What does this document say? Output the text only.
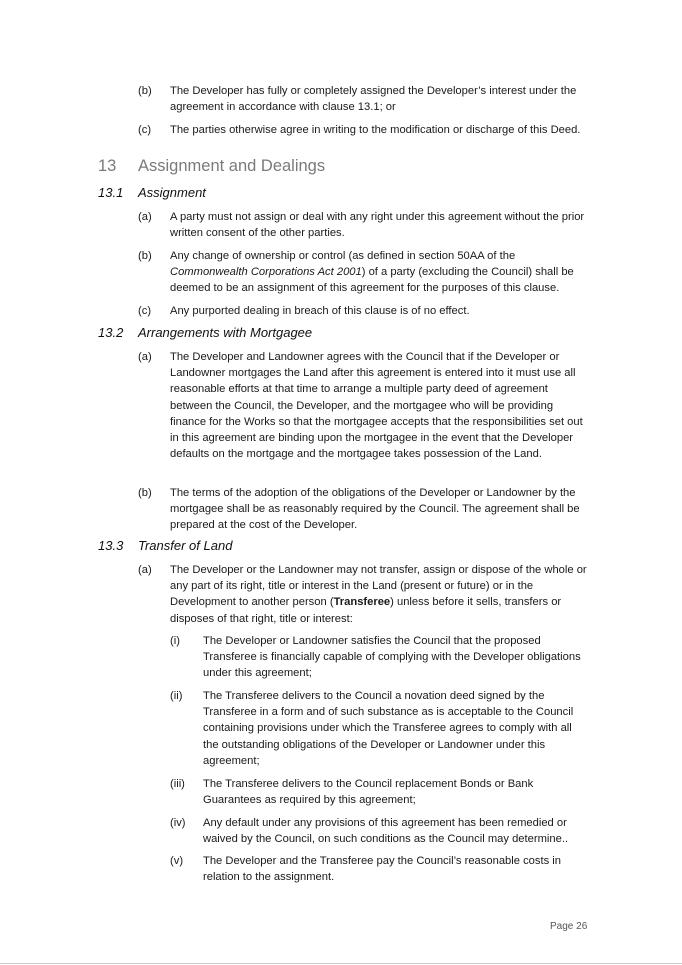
(b) The Developer has fully or completely assigned the Developer’s interest under the agreement in accordance with clause 13.1; or
(c) The parties otherwise agree in writing to the modification or discharge of this Deed.
13 Assignment and Dealings
13.1 Assignment
(a) A party must not assign or deal with any right under this agreement without the prior written consent of the other parties.
(b) Any change of ownership or control (as defined in section 50AA of the Commonwealth Corporations Act 2001) of a party (excluding the Council) shall be deemed to be an assignment of this agreement for the purposes of this clause.
(c) Any purported dealing in breach of this clause is of no effect.
13.2 Arrangements with Mortgagee
(a) The Developer and Landowner agrees with the Council that if the Developer or Landowner mortgages the Land after this agreement is entered into it must use all reasonable efforts at that time to arrange a multiple party deed of agreement between the Council, the Developer, and the mortgagee who will be providing finance for the Works so that the mortgagee accepts that the responsibilities set out in this agreement are binding upon the mortgagee in the event that the Developer defaults on the mortgage and the mortgagee takes possession of the Land.
(b) The terms of the adoption of the obligations of the Developer or Landowner by the mortgagee shall be as reasonably required by the Council. The agreement shall be prepared at the cost of the Developer.
13.3 Transfer of Land
(a) The Developer or the Landowner may not transfer, assign or dispose of the whole or any part of its right, title or interest in the Land (present or future) or in the Development to another person (Transferee) unless before it sells, transfers or disposes of that right, title or interest:
(i) The Developer or Landowner satisfies the Council that the proposed Transferee is financially capable of complying with the Developer obligations under this agreement;
(ii) The Transferee delivers to the Council a novation deed signed by the Transferee in a form and of such substance as is acceptable to the Council containing provisions under which the Transferee agrees to comply with all the outstanding obligations of the Developer or Landowner under this agreement;
(iii) The Transferee delivers to the Council replacement Bonds or Bank Guarantees as required by this agreement;
(iv) Any default under any provisions of this agreement has been remedied or waived by the Council, on such conditions as the Council may determine..
(v) The Developer and the Transferee pay the Council’s reasonable costs in relation to the assignment.
Page 26
